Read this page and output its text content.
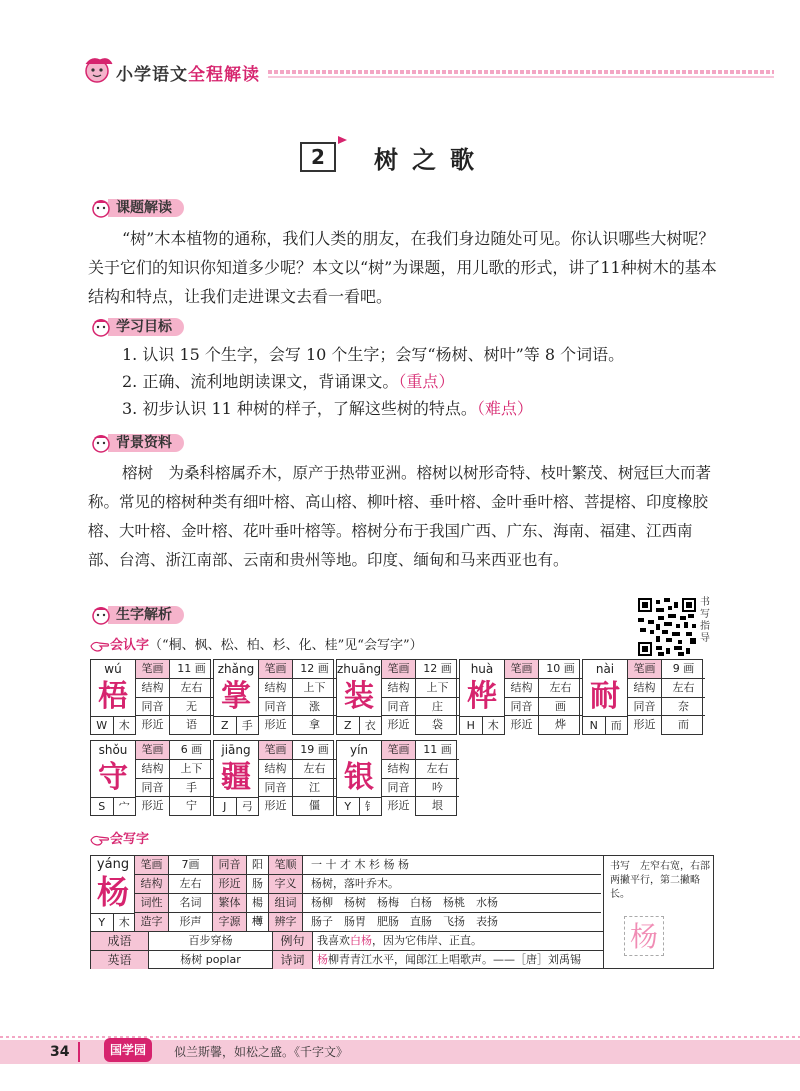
小学语文全程解读
2	树之歌
课题解读
“树”木本植物的通称，我们人类的朋友，在我们身边随处可见。你认识哪些大树呢？关于它们的知识你知道多少呢？本文以“树”为课题，用儿歌的形式，讲了11种树木的基本结构和特点，让我们走进课文去看一看吧。
学习目标
1. 认识 15 个生字，会写 10 个生字；会写“杨树、树叶”等 8 个词语。
2. 正确、流利地朗读课文，背诵课文。（重点）
3. 初步认识 11 种树的样子，了解这些树的特点。（难点）
背景资料
榕树　为桑科榕属乔木，原产于热带亚洲。榕树以树形奇特、枝叶繁茂、树冠巨大而著称。常见的榕树种类有细叶榕、高山榕、柳叶榕、垂叶榕、金叶垂叶榕、菩提榕、印度橡胶榕、大叶榕、金叶榕、花叶垂叶榕等。榕树分布于我国广西、广东、海南、福建、江西南部、台湾、浙江南部、云南和贵州等地。印度、缅甸和马来西亚也有。
生字解析
书写指导
会认字（“桐、枫、松、柏、杉、化、桂”见“会写字”）
wú
梧
W	木
笔画	11 画
结构	左右
同音	无
形近	语
zhǎng
掌
Z	手
笔画	12 画
结构	上下
同音	涨
形近	拿
zhuāng
装
Z	衣
笔画	12 画
结构	上下
同音	庄
形近	袋
huà
桦
H	木
笔画	10 画
结构	左右
同音	画
形近	烨
nài
耐
N	而
笔画	9 画
结构	左右
同音	奈
形近	而
shǒu
守
S	宀
笔画	6 画
结构	上下
同音	手
形近	宁
jiāng
疆
J	弓
笔画	19 画
结构	左右
同音	江
形近	僵
yín
银
Y	钅
笔画	11 画
结构	左右
同音	吟
形近	垠
会写字
yáng
杨
Y	木
笔画	7画	同音	阳	笔顺	一 十 才 木 杉 杨 杨
结构	左右	形近	肠	字义	杨树，落叶乔木。
词性	名词	繁体	楊	组词	杨柳　杨树　杨梅　白杨　杨桃　水杨
造字	形声	字源	𣝍	辨字	肠子　肠胃　肥肠　直肠　飞扬　表扬
成语	百步穿杨	例句	我喜欢白杨，因为它伟岸、正直。
英语	杨树 poplar	诗词	杨柳青青江水平，闻郎江上唱歌声。——［唐］刘禹锡
书写　左窄右宽，右部两撇平行，第二撇略长。
杨
34	国学园	似兰斯馨，如松之盛。《千字文》
